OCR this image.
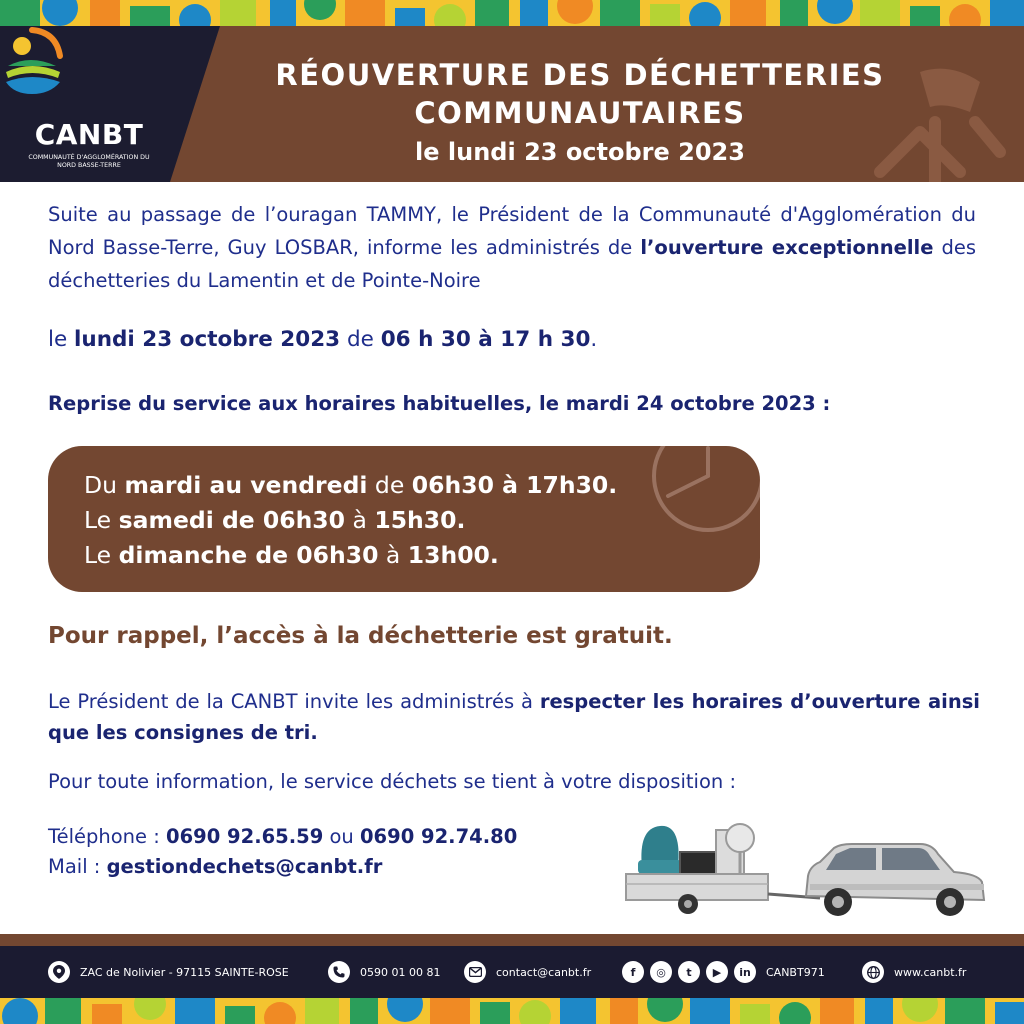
CANBT
COMMUNAUTÉ D'AGGLOMÉRATION DU NORD BASSE-TERRE
RÉOUVERTURE DES DÉCHETTERIES
COMMUNAUTAIRES
le lundi 23 octobre 2023

Suite au passage de l’ouragan TAMMY, le Président de la Communauté d'Agglomération du Nord Basse-Terre, Guy LOSBAR, informe les administrés de l’ouverture exceptionnelle des déchetteries du Lamentin et de Pointe-Noire

le lundi 23 octobre 2023 de 06 h 30 à 17 h 30.

Reprise du service aux horaires habituelles, le mardi 24 octobre 2023 :

Du mardi au vendredi de 06h30 à 17h30.
Le samedi de 06h30 à 15h30.
Le dimanche de 06h30 à 13h00.

Pour rappel, l’accès à la déchetterie est gratuit.

Le Président de la CANBT invite les administrés à respecter les horaires d’ouverture ainsi que les consignes de tri.

Pour toute information, le service déchets se tient à votre disposition :

Téléphone : 0690 92.65.59 ou 0690 92.74.80
Mail : gestiondechets@canbt.fr
ZAC de Nolivier - 97115 SAINTE-ROSE	0590 01 00 81	contact@canbt.fr	f	◎	t	▶	in	CANBT971	www.canbt.fr
